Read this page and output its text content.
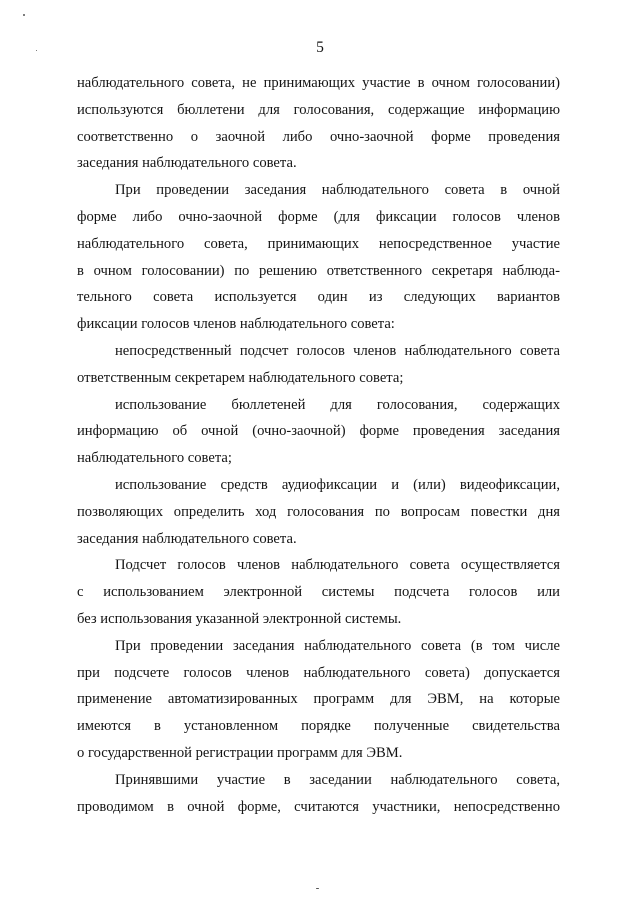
5

наблюдательного совета, не принимающих участие в очном голосовании)
используются бюллетени для голосования, содержащие информацию
соответственно о заочной либо очно-заочной форме проведения
заседания наблюдательного совета.

При проведении заседания наблюдательного совета в очной
форме либо очно-заочной форме (для фиксации голосов членов
наблюдательного совета, принимающих непосредственное участие
в очном голосовании) по решению ответственного секретаря наблюда-
тельного совета используется один из следующих вариантов
фиксации голосов членов наблюдательного совета:

непосредственный подсчет голосов членов наблюдательного совета
ответственным секретарем наблюдательного совета;

использование бюллетеней для голосования, содержащих
информацию об очной (очно-заочной) форме проведения заседания
наблюдательного совета;

использование средств аудиофиксации и (или) видеофиксации,
позволяющих определить ход голосования по вопросам повестки дня
заседания наблюдательного совета.

Подсчет голосов членов наблюдательного совета осуществляется
с использованием электронной системы подсчета голосов или
без использования указанной электронной системы.

При проведении заседания наблюдательного совета (в том числе
при подсчете голосов членов наблюдательного совета) допускается
применение автоматизированных программ для ЭВМ, на которые
имеются в установленном порядке полученные свидетельства
о государственной регистрации программ для ЭВМ.

Принявшими участие в заседании наблюдательного совета,
проводимом в очной форме, считаются участники, непосредственно
